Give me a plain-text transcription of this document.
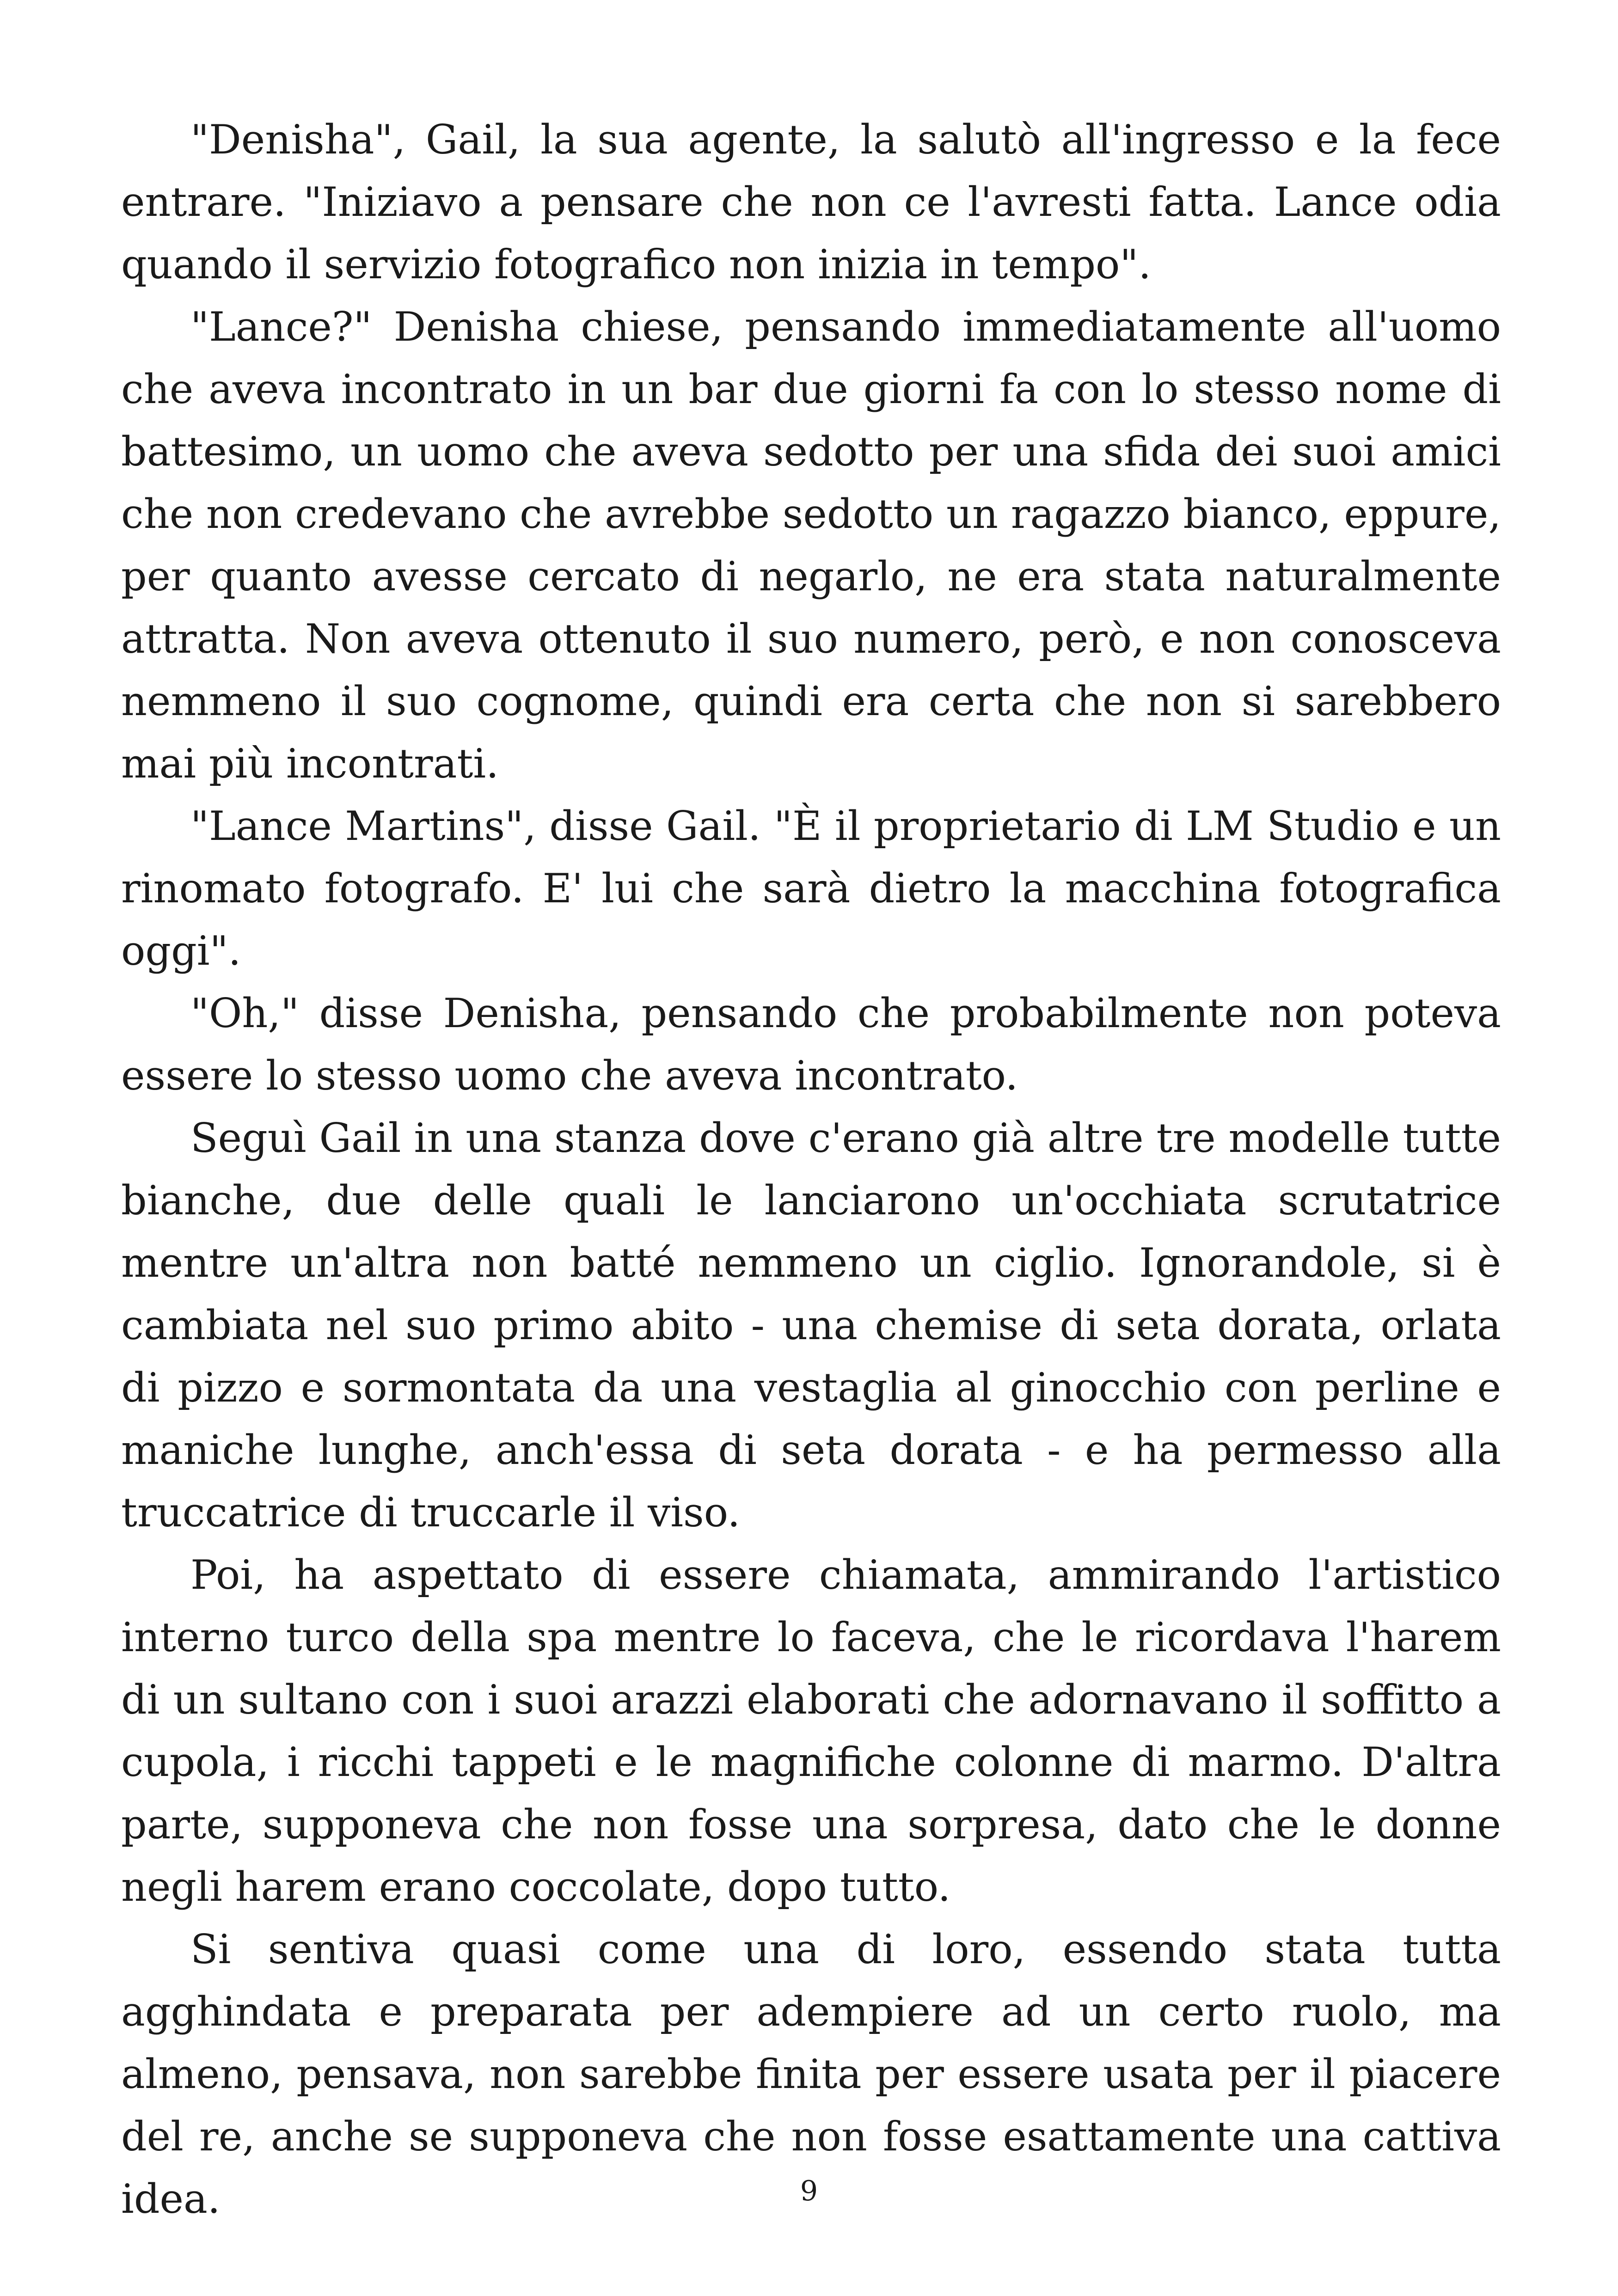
"Denisha", Gail, la sua agente, la salutò all'ingresso e la fece entrare. "Iniziavo a pensare che non ce l'avresti fatta. Lance odia quando il servizio fotografico non inizia in tempo".

"Lance?" Denisha chiese, pensando immediatamente all'uomo che aveva incontrato in un bar due giorni fa con lo stesso nome di battesimo, un uomo che aveva sedotto per una sfida dei suoi amici che non credevano che avrebbe sedotto un ragazzo bianco, eppure, per quanto avesse cercato di negarlo, ne era stata naturalmente attratta. Non aveva ottenuto il suo numero, però, e non conosceva nemmeno il suo cognome, quindi era certa che non si sarebbero mai più incontrati.

"Lance Martins", disse Gail. "È il proprietario di LM Studio e un rinomato fotografo. E' lui che sarà dietro la macchina fotografica oggi".

"Oh," disse Denisha, pensando che probabilmente non poteva essere lo stesso uomo che aveva incontrato.

Seguì Gail in una stanza dove c'erano già altre tre modelle tutte bianche, due delle quali le lanciarono un'occhiata scrutatrice mentre un'altra non batté nemmeno un ciglio. Ignorandole, si è cambiata nel suo primo abito - una chemise di seta dorata, orlata di pizzo e sormontata da una vestaglia al ginocchio con perline e maniche lunghe, anch'essa di seta dorata - e ha permesso alla truccatrice di truccarle il viso.

Poi, ha aspettato di essere chiamata, ammirando l'artistico interno turco della spa mentre lo faceva, che le ricordava l'harem di un sultano con i suoi arazzi elaborati che adornavano il soffitto a cupola, i ricchi tappeti e le magnifiche colonne di marmo. D'altra parte, supponeva che non fosse una sorpresa, dato che le donne negli harem erano coccolate, dopo tutto.

Si sentiva quasi come una di loro, essendo stata tutta agghindata e preparata per adempiere ad un certo ruolo, ma almeno, pensava, non sarebbe finita per essere usata per il piacere del re, anche se supponeva che non fosse esattamente una cattiva idea.	9
